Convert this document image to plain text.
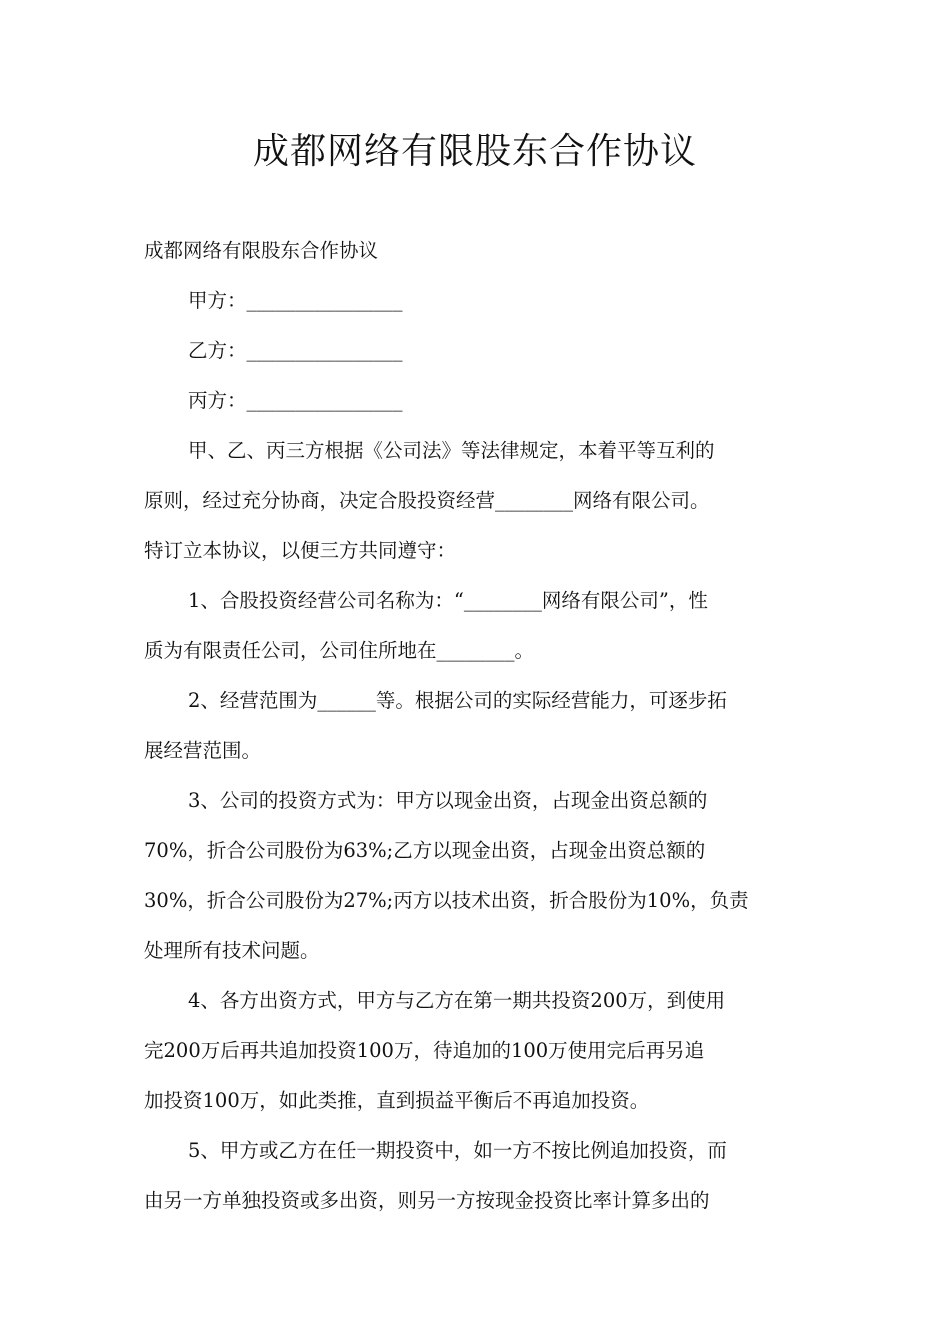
成都网络有限股东合作协议
成都网络有限股东合作协议
甲方：________________
乙方：________________
丙方：________________
甲、乙、丙三方根据《公司法》等法律规定，本着平等互利的
原则，经过充分协商，决定合股投资经营________网络有限公司。
特订立本协议，以便三方共同遵守：
1、合股投资经营公司名称为：“________网络有限公司”，性
质为有限责任公司，公司住所地在________。
2、经营范围为______等。根据公司的实际经营能力，可逐步拓
展经营范围。
3、公司的投资方式为：甲方以现金出资，占现金出资总额的
70%，折合公司股份为63%;乙方以现金出资，占现金出资总额的
30%，折合公司股份为27%;丙方以技术出资，折合股份为10%，负责
处理所有技术问题。
4、各方出资方式，甲方与乙方在第一期共投资200万，到使用
完200万后再共追加投资100万，待追加的100万使用完后再另追
加投资100万，如此类推，直到损益平衡后不再追加投资。
5、甲方或乙方在任一期投资中，如一方不按比例追加投资，而
由另一方单独投资或多出资，则另一方按现金投资比率计算多出的
